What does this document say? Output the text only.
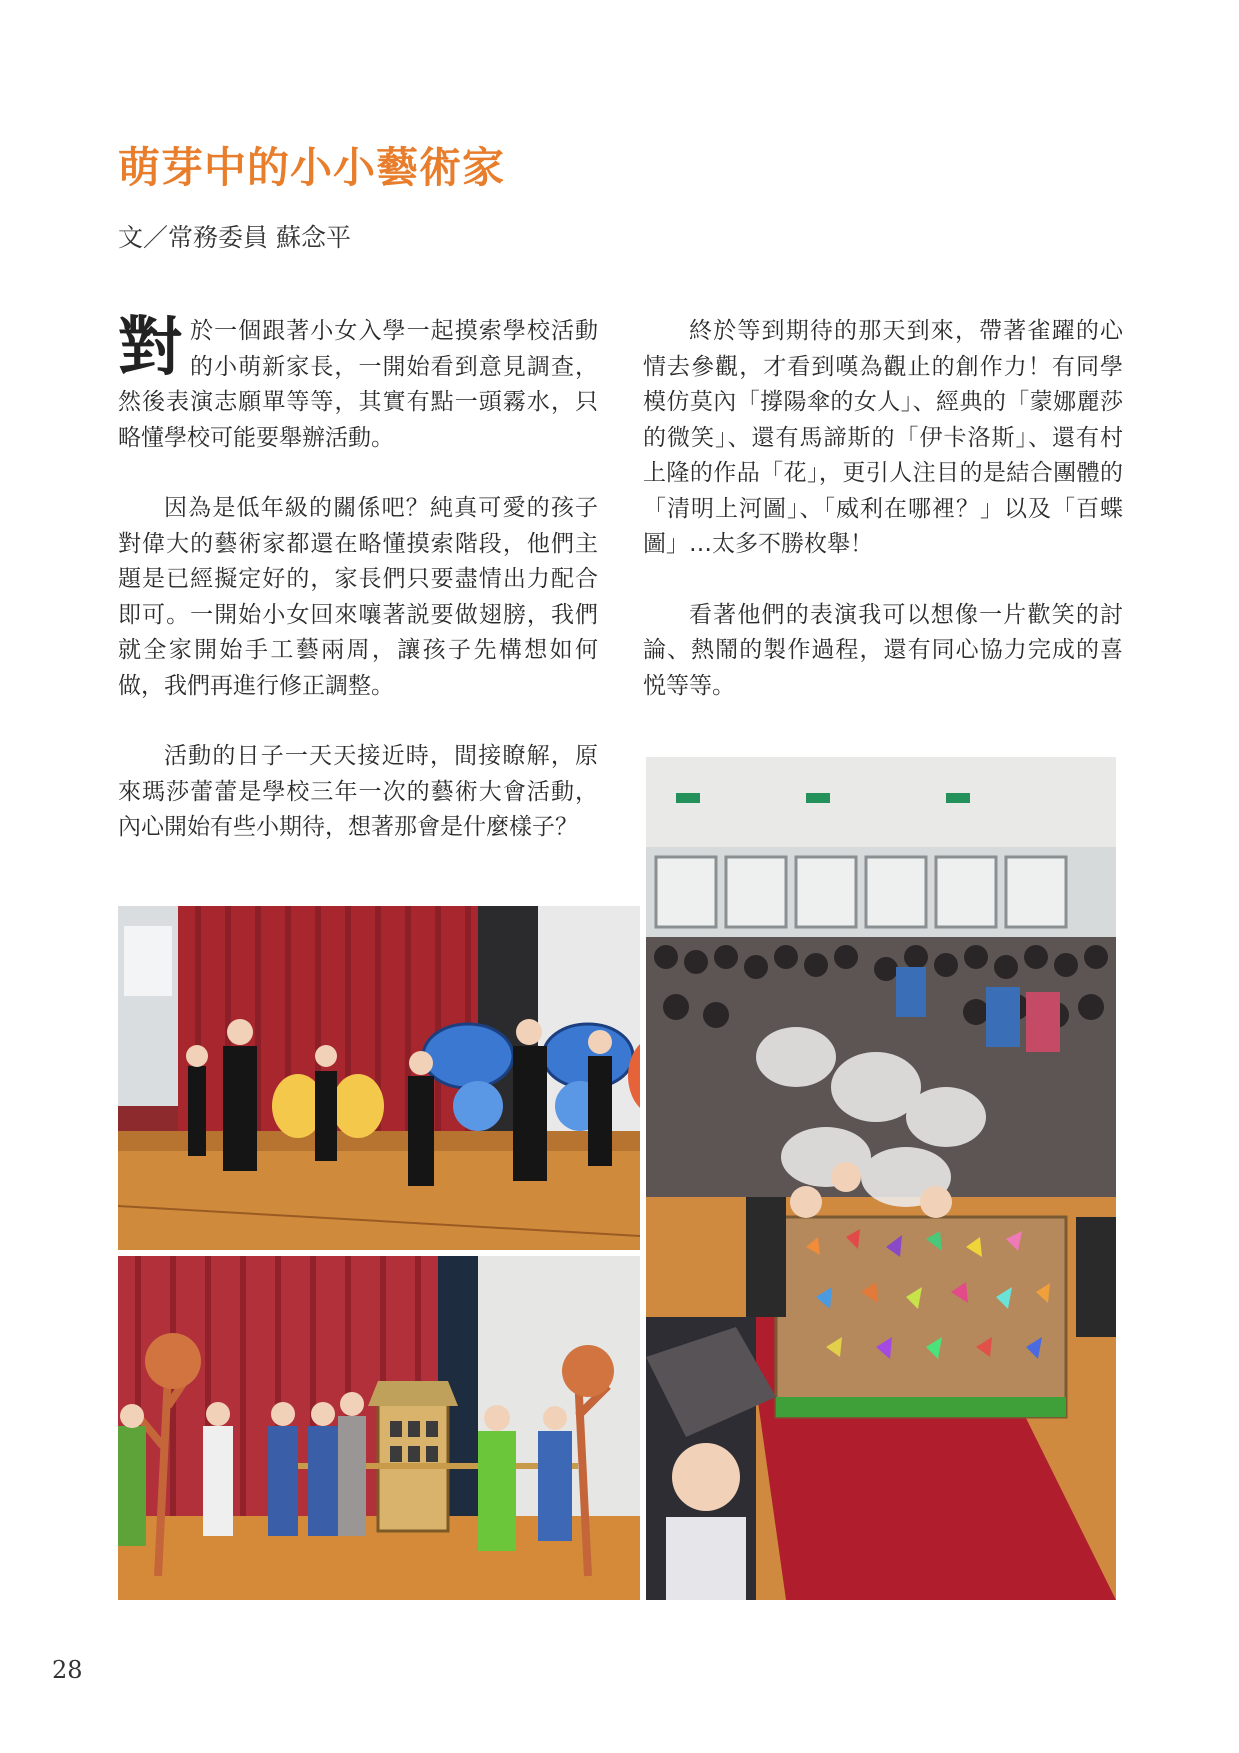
萌芽中的小小藝術家

文／常務委員 蘇念平

對於一個跟著小女入學一起摸索學校活動的小萌新家長，一開始看到意見調查，然後表演志願單等等，其實有點一頭霧水，只略懂學校可能要舉辦活動。

因為是低年級的關係吧？純真可愛的孩子對偉大的藝術家都還在略懂摸索階段，他們主題是已經擬定好的，家長們只要盡情出力配合即可。一開始小女回來嚷著説要做翅膀，我們就全家開始手工藝兩周，讓孩子先構想如何做，我們再進行修正調整。

活動的日子一天天接近時，間接瞭解，原來瑪莎蕾蕾是學校三年一次的藝術大會活動，內心開始有些小期待，想著那會是什麼樣子？

終於等到期待的那天到來，帶著雀躍的心情去參觀，才看到嘆為觀止的創作力！有同學模仿莫內「撐陽傘的女人」、經典的「蒙娜麗莎的微笑」、還有馬諦斯的「伊卡洛斯」、還有村上隆的作品「花」，更引人注目的是結合團體的「清明上河圖」、「威利在哪裡？」以及「百蝶圖」…太多不勝枚舉！

看著他們的表演我可以想像一片歡笑的討論、熱鬧的製作過程，還有同心協力完成的喜悦等等。

28
